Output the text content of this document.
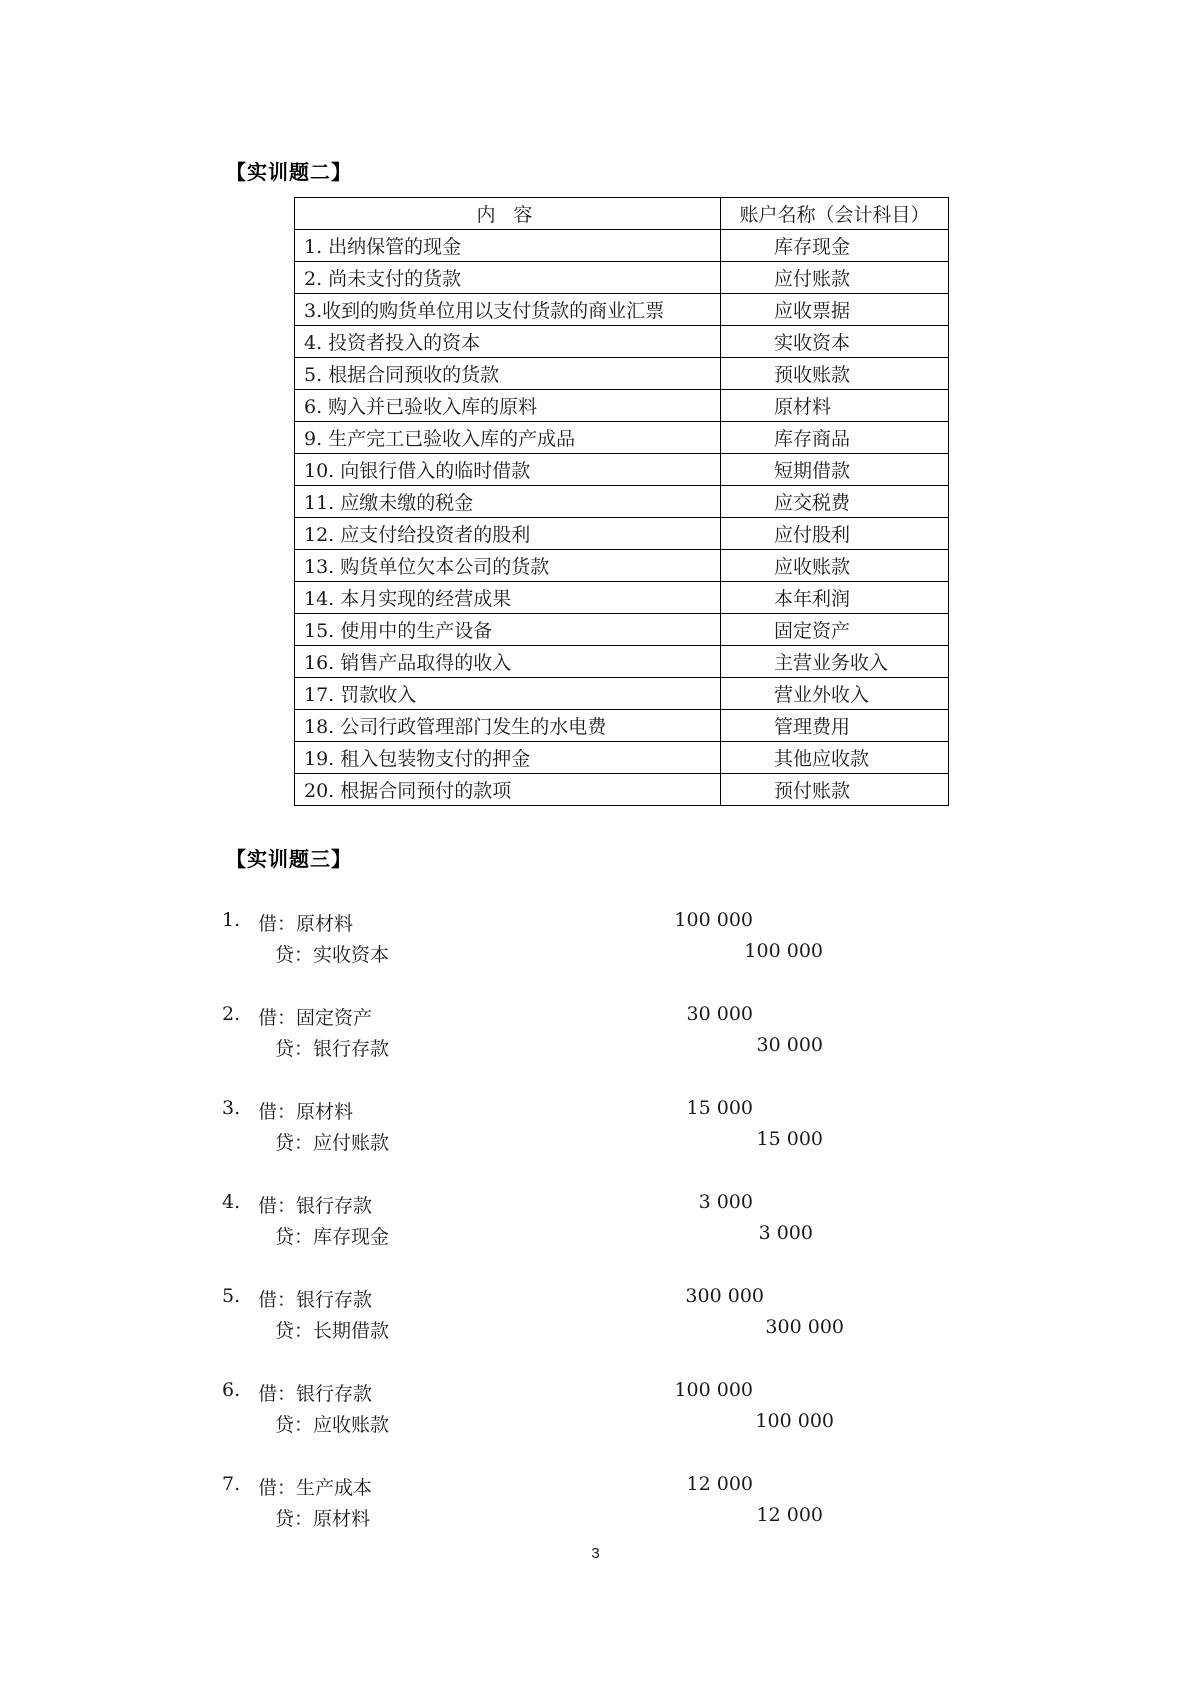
【实训题二】
内 容	账户名称（会计科目）
1. 出纳保管的现金	库存现金
2. 尚未支付的货款	应付账款
3.收到的购货单位用以支付货款的商业汇票	应收票据
4. 投资者投入的资本	实收资本
5. 根据合同预收的货款	预收账款
6. 购入并已验收入库的原料	原材料
9. 生产完工已验收入库的产成品	库存商品
10. 向银行借入的临时借款	短期借款
11. 应缴未缴的税金	应交税费
12. 应支付给投资者的股利	应付股利
13. 购货单位欠本公司的货款	应收账款
14. 本月实现的经营成果	本年利润
15. 使用中的生产设备	固定资产
16. 销售产品取得的收入	主营业务收入
17. 罚款收入	营业外收入
18. 公司行政管理部门发生的水电费	管理费用
19. 租入包装物支付的押金	其他应收款
20. 根据合同预付的款项	预付账款
【实训题三】
1. 借：原材料	100 000
贷：实收资本	100 000
2. 借：固定资产	30 000
贷：银行存款	30 000
3. 借：原材料	15 000
贷：应付账款	15 000
4. 借：银行存款	3 000
贷：库存现金	3 000
5. 借：银行存款	300 000
贷：长期借款	300 000
6. 借：银行存款	100 000
贷：应收账款	100 000
7. 借：生产成本	12 000
贷：原材料	12 000
3
